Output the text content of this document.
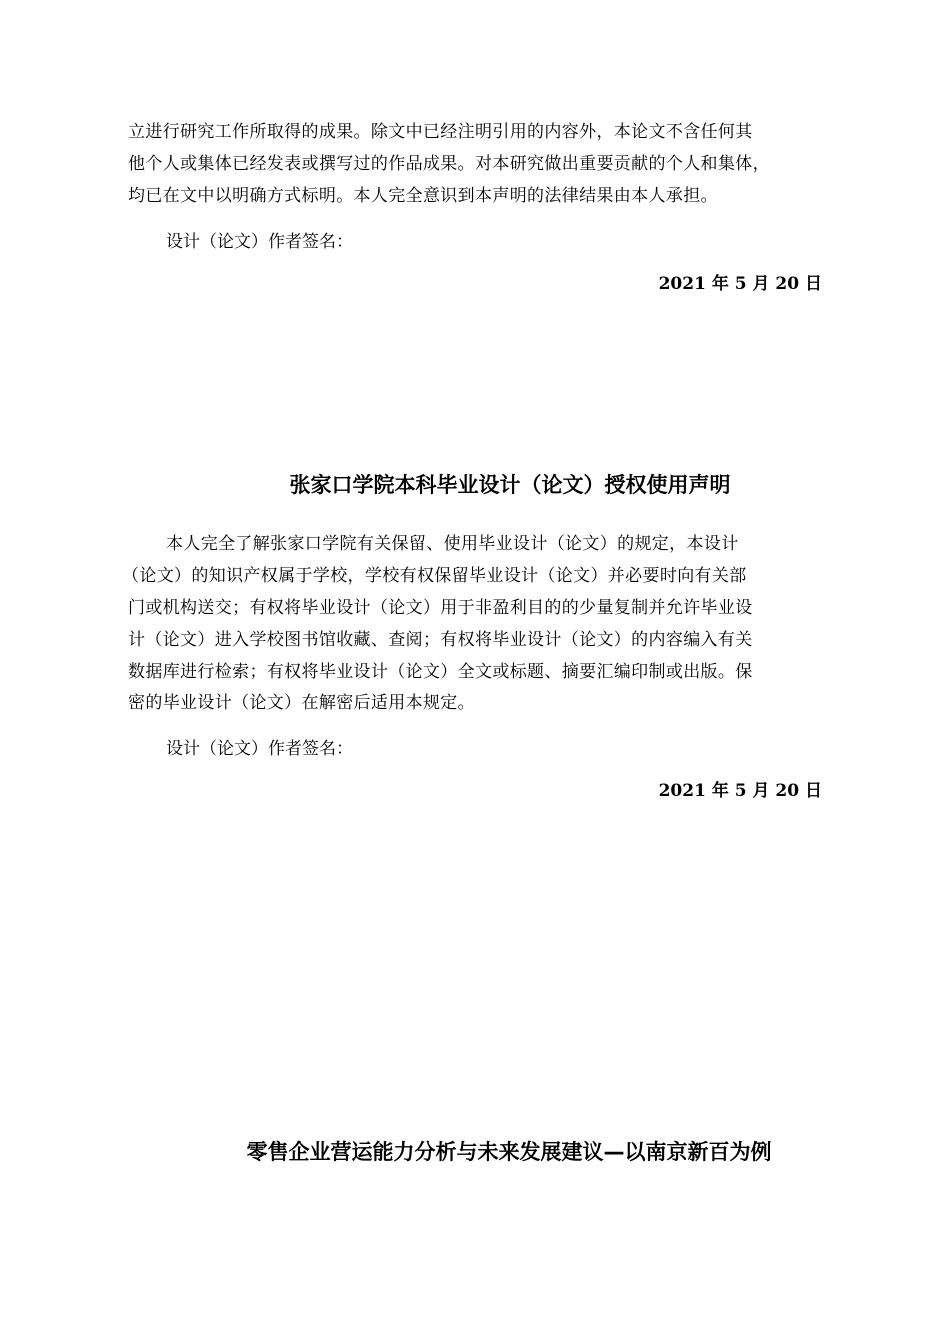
立进行研究工作所取得的成果。除文中已经注明引用的内容外，本论文不含任何其
他个人或集体已经发表或撰写过的作品成果。对本研究做出重要贡献的个人和集体，
均已在文中以明确方式标明。本人完全意识到本声明的法律结果由本人承担。
设计（论文）作者签名：
2021 年 5 月 20 日
张家口学院本科毕业设计（论文）授权使用声明
本人完全了解张家口学院有关保留、使用毕业设计（论文）的规定，本设计
（论文）的知识产权属于学校，学校有权保留毕业设计（论文）并必要时向有关部
门或机构送交；有权将毕业设计（论文）用于非盈利目的的少量复制并允许毕业设
计（论文）进入学校图书馆收藏、查阅；有权将毕业设计（论文）的内容编入有关
数据库进行检索；有权将毕业设计（论文）全文或标题、摘要汇编印制或出版。保
密的毕业设计（论文）在解密后适用本规定。
设计（论文）作者签名：
2021 年 5 月 20 日
零售企业营运能力分析与未来发展建议—以南京新百为例
